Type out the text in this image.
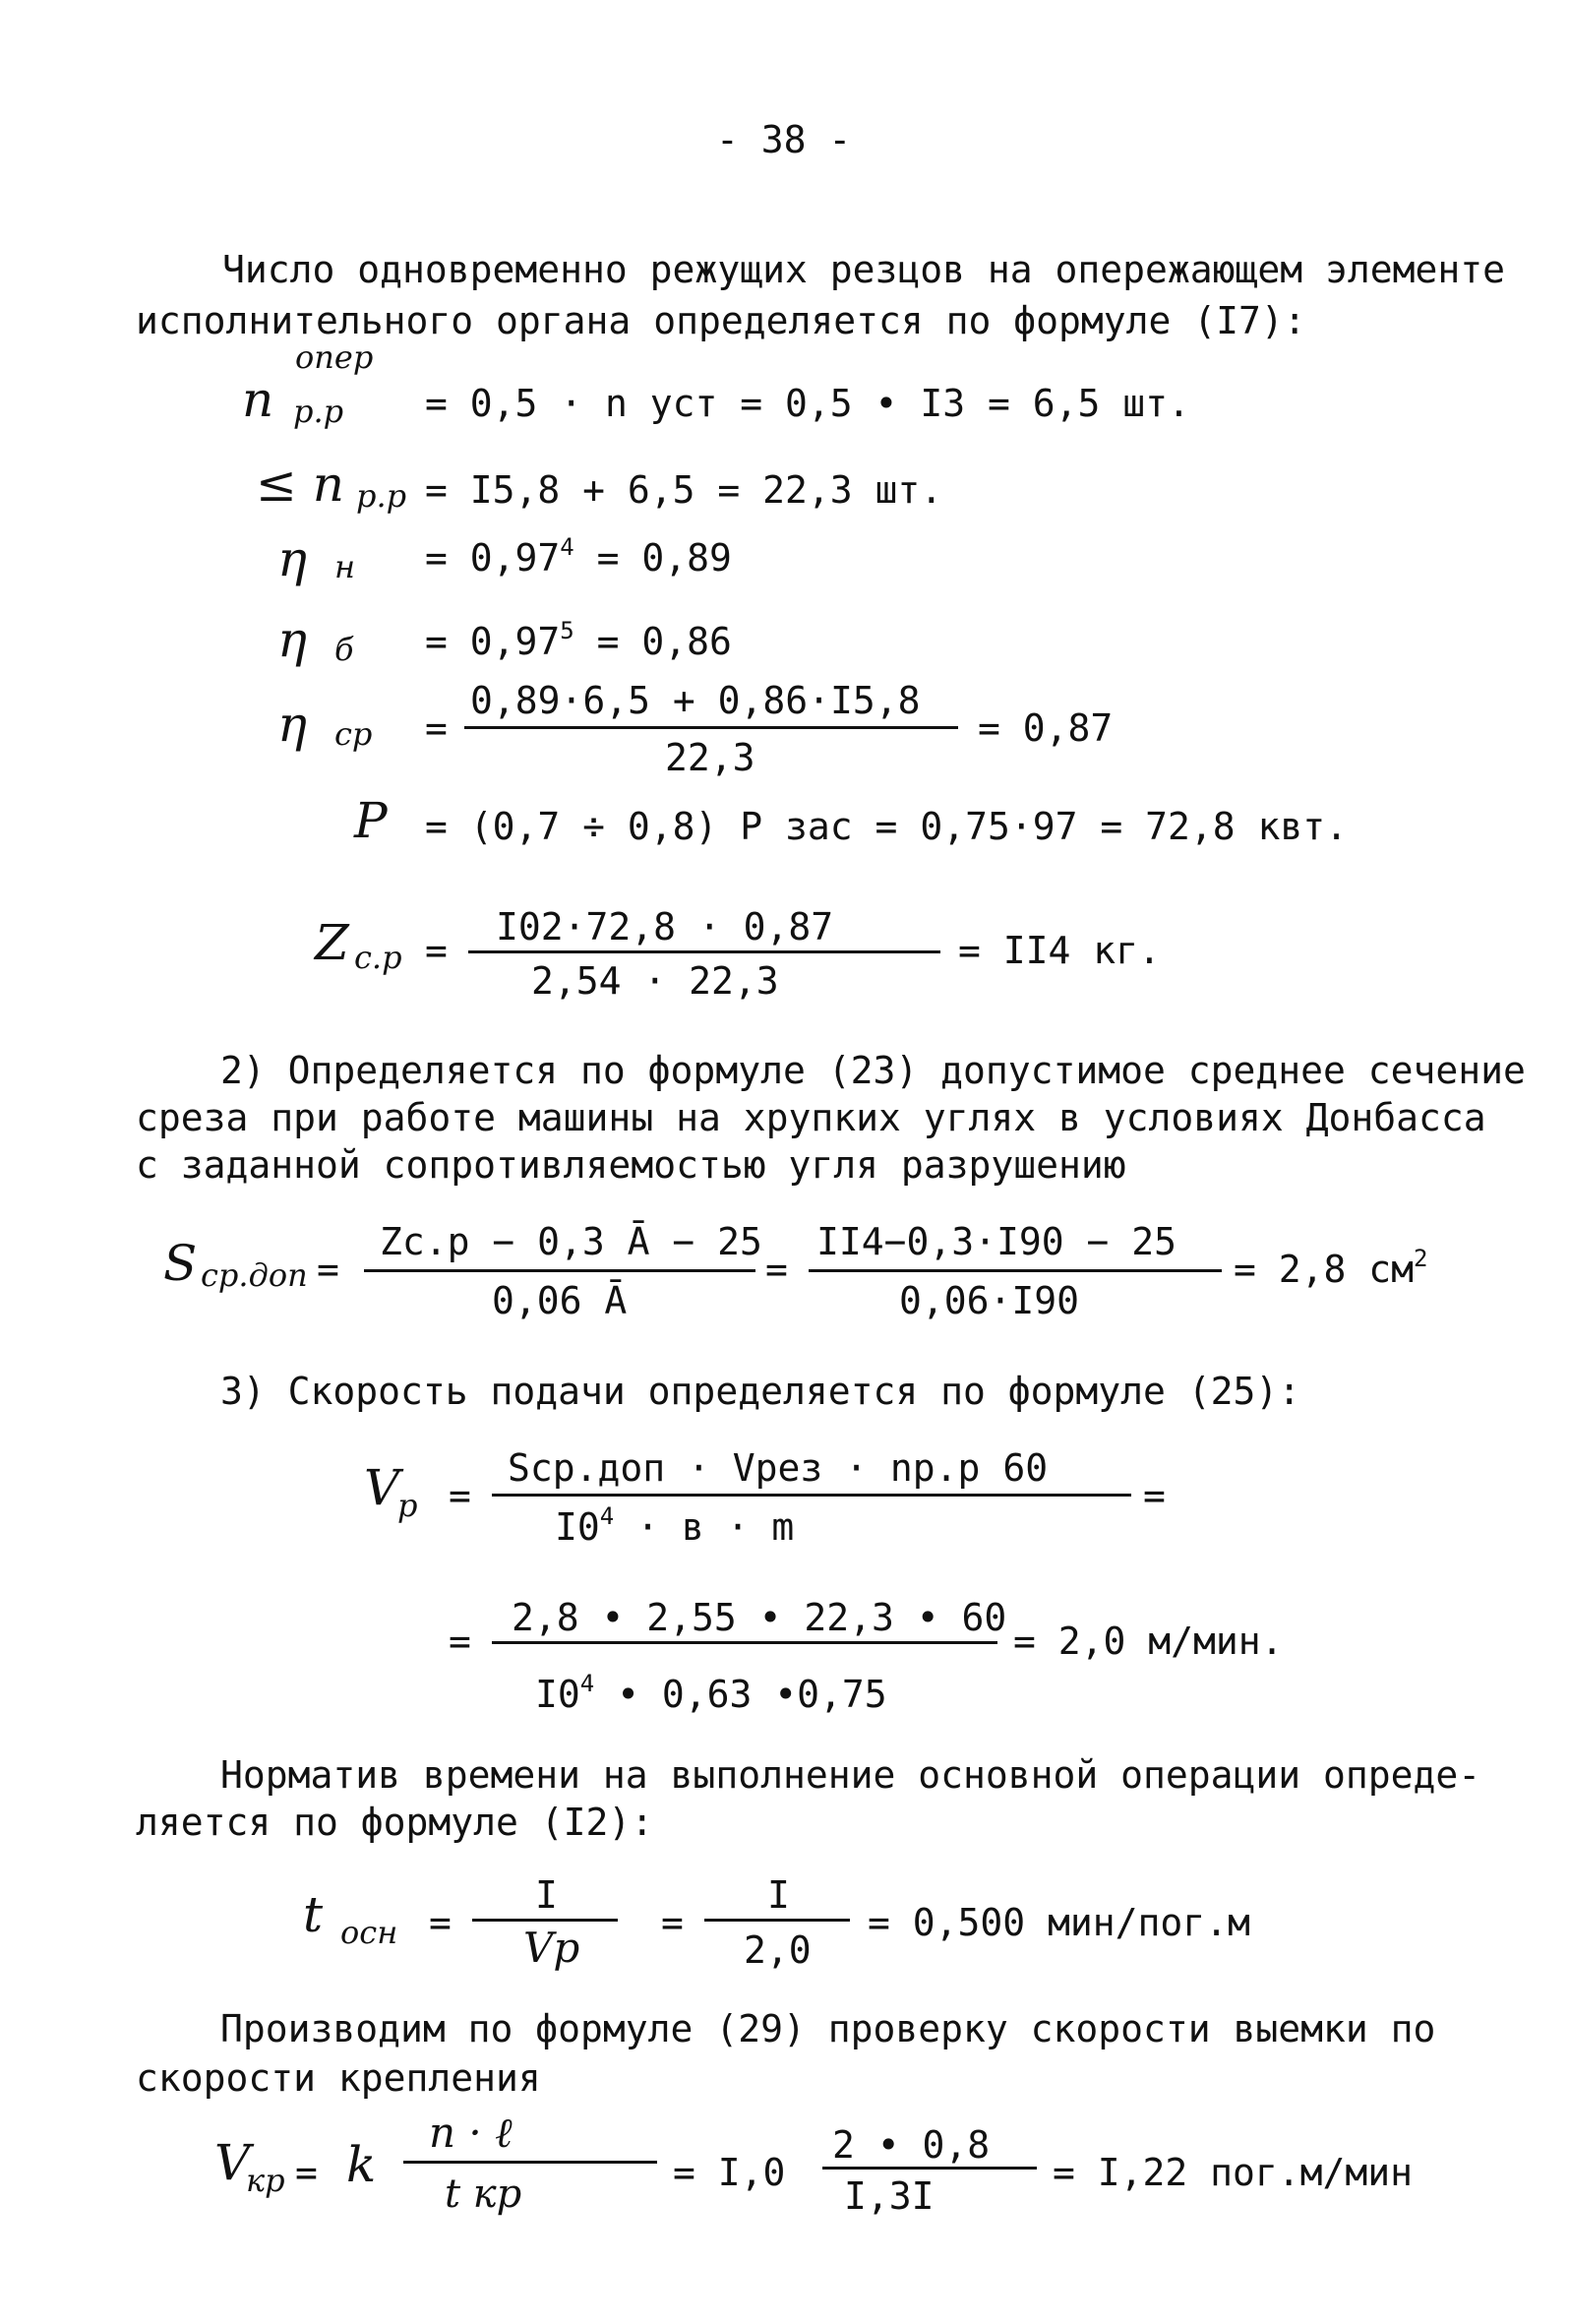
- 38 -
Число одновременно режущих резцов на опережающем элементе
исполнительного органа определяется по формуле (I7):
опер
n р.р = 0,5 · n уст = 0,5 • I3 = 6,5 шт.
≤ n р.р = I5,8 + 6,5 = 22,3 шт.
η $н = 0,97^4 = 0,89$
η $б = 0,97^5 = 0,86$
η ср =
0,89·6,5 + 0,86·I5,8
22,3
= 0,87
P = (0,7 ÷ 0,8) P зас = 0,75·97 = 72,8 квт.
Z с.р =
I02·72,8 · 0,87
2,54 · 22,3
= II4 кг.
2) Определяется по формуле (23) допустимое среднее сечение
среза при работе машины на хрупких углях в условиях Донбасса
с заданной сопротивляемостью угля разрушению
S ср.доп =
Zс.р − 0,3 Ā − 25
0,06 Ā
=
II4−0,3·I90 − 25
0,06·I90
= 2,8 $см^2$
3) Скорость подачи определяется по формуле (25):
V
р =
Sср.доп · Vрез · nр.р 60
$I0^4 \cdot в \cdot m$
=
=
2,8 • 2,55 • 22,3 • 60
$I0^4$ • 0,63 •0,75
= 2,0 м/мин.
Норматив времени на выполнение основной операции опреде-
ляется по формуле (I2):
t осн =
I
Vр
=
I
2,0
= 0,500 мин/пог.м
Производим по формуле (29) проверку скорости выемки по
скорости крепления
V
кр = k
n · ℓ
t кр	= I,0
2 • 0,8
I,3I
= I,22 пог.м/мин
